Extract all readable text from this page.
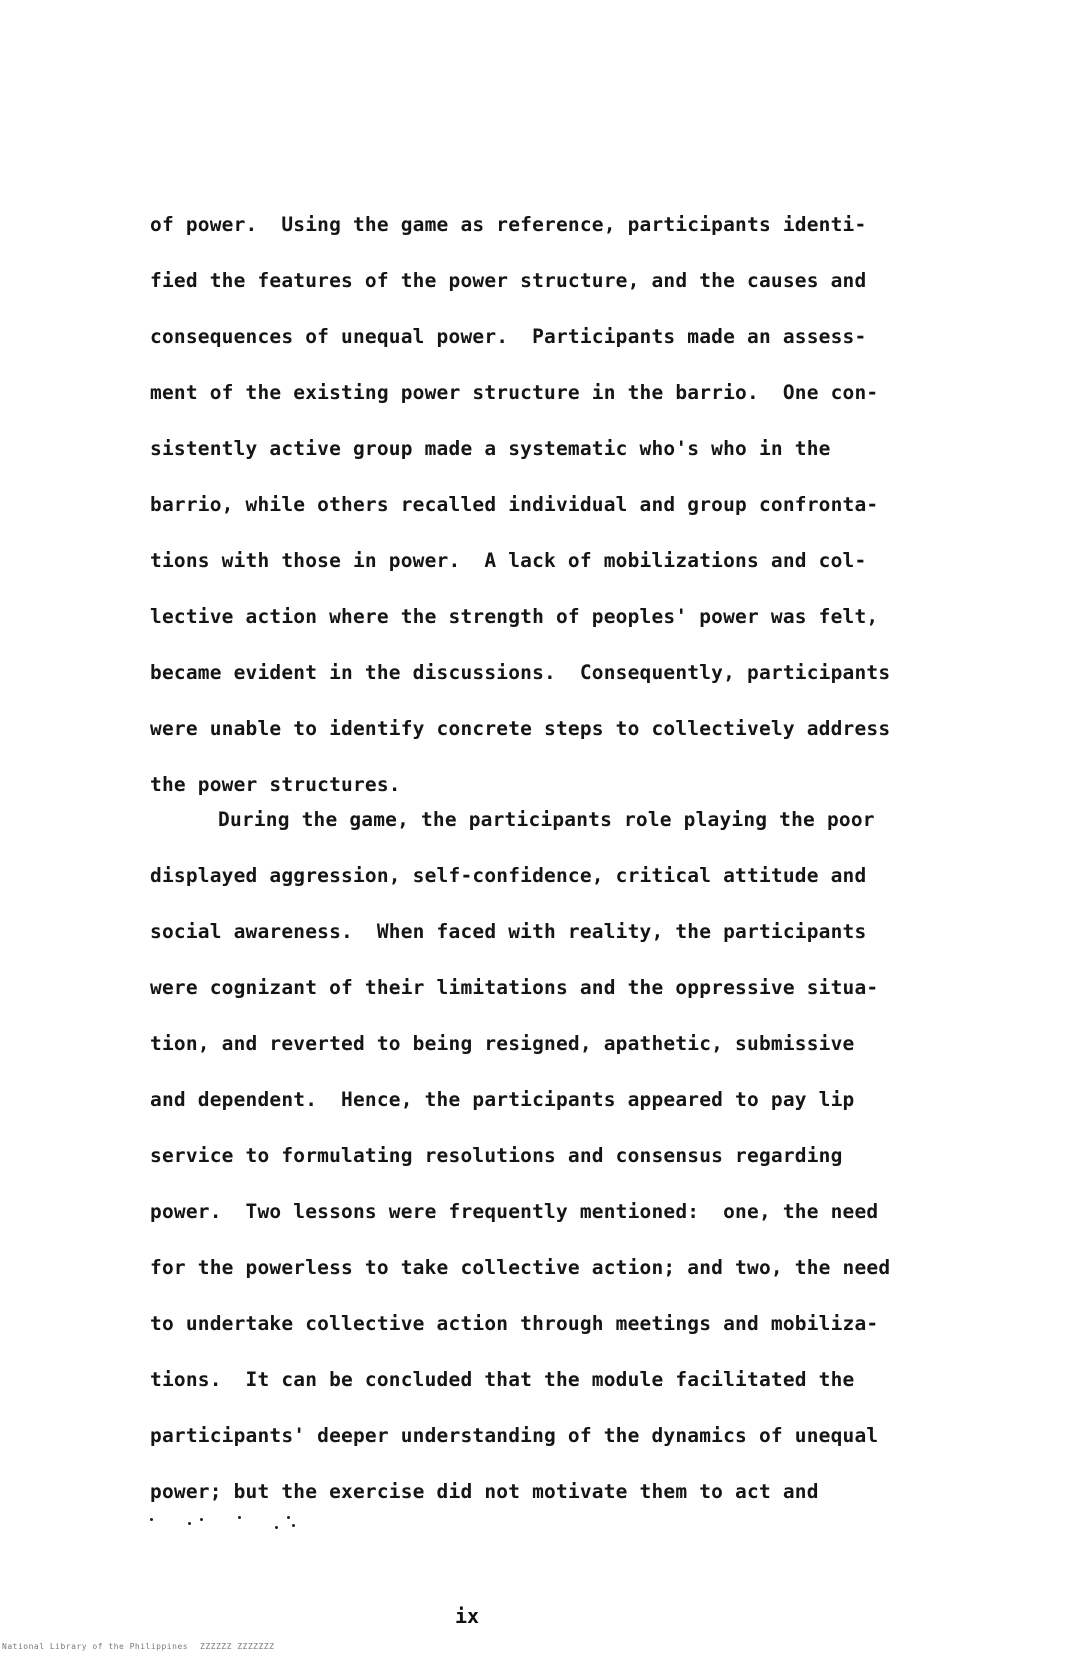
of power.  Using the game as reference, participants identi-
fied the features of the power structure, and the causes and
consequences of unequal power.  Participants made an assess-
ment of the existing power structure in the barrio.  One con-
sistently active group made a systematic who's who in the
barrio, while others recalled individual and group confronta-
tions with those in power.  A lack of mobilizations and col-
lective action where the strength of peoples' power was felt,
became evident in the discussions.  Consequently, participants
were unable to identify concrete steps to collectively address
the power structures.
During the game, the participants role playing the poor
displayed aggression, self-confidence, critical attitude and
social awareness.  When faced with reality, the participants
were cognizant of their limitations and the oppressive situa-
tion, and reverted to being resigned, apathetic, submissive
and dependent.  Hence, the participants appeared to pay lip
service to formulating resolutions and consensus regarding
power.  Two lessons were frequently mentioned:  one, the need
for the powerless to take collective action; and two, the need
to undertake collective action through meetings and mobiliza-
tions.  It can be concluded that the module facilitated the
participants' deeper understanding of the dynamics of unequal
power; but the exercise did not motivate them to act and
ix
National Library of the Philippines ZZZZZZ ZZZZZZZ
